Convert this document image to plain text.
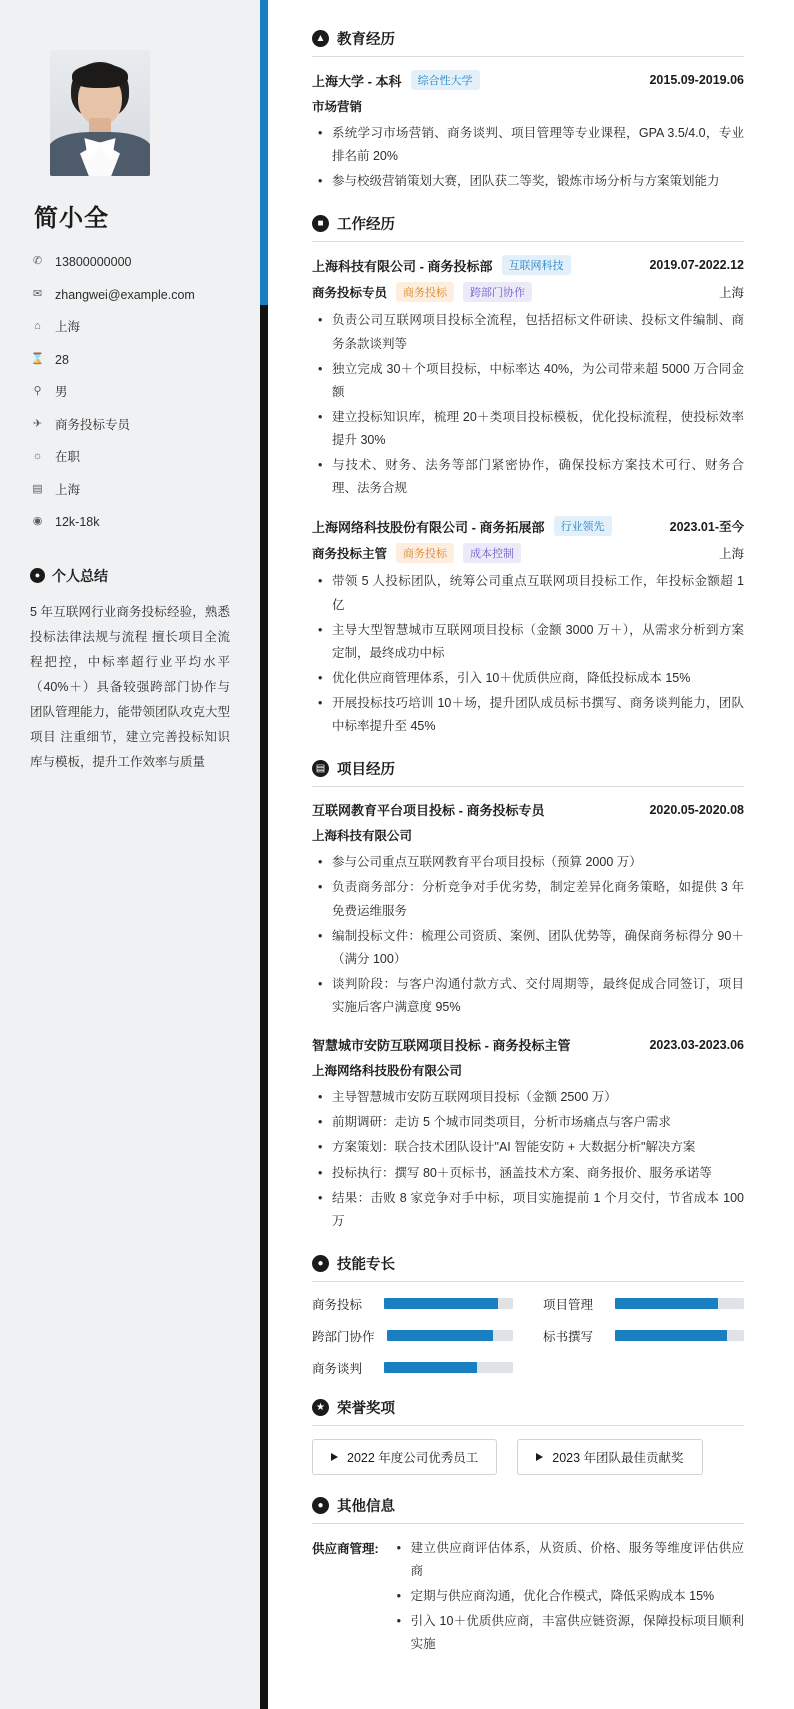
简小全
✆ 13800000000
✉ zhangwei@example.com
⌂	上海
⌛ 28
⚲ 男
✈ 商务投标专员
☼ 在职
▤ 上海
◉ 12k-18k
● 个人总结
5 年互联网行业商务投标经验，熟悉投标法律法规与流程 擅长项目全流程把控，中标率超行业平均水平（40%＋）具备较强跨部门协作与团队管理能力，能带领团队攻克大型项目 注重细节，建立完善投标知识库与模板，提升工作效率与质量
▲ 教育经历
上海大学 - 本科	综合性大学	2015.09-2019.06
市场营销
• 系统学习市场营销、商务谈判、项目管理等专业课程，GPA 3.5/4.0，专业排名前 20%
• 参与校级营销策划大赛，团队获二等奖，锻炼市场分析与方案策划能力
■ 工作经历
上海科技有限公司 - 商务投标部	互联网科技	2019.07-2022.12
商务投标专员	商务投标	跨部门协作	上海
• 负责公司互联网项目投标全流程，包括招标文件研读、投标文件编制、商务条款谈判等
• 独立完成 30＋个项目投标，中标率达 40%，为公司带来超 5000 万合同金额
• 建立投标知识库，梳理 20＋类项目投标模板，优化投标流程，使投标效率提升 30%
• 与技术、财务、法务等部门紧密协作，确保投标方案技术可行、财务合理、法务合规
上海网络科技股份有限公司 - 商务拓展部	行业领先	2023.01-至今
商务投标主管	商务投标	成本控制	上海
• 带领 5 人投标团队，统筹公司重点互联网项目投标工作，年投标金额超 1 亿
• 主导大型智慧城市互联网项目投标（金额 3000 万＋），从需求分析到方案定制，最终成功中标
• 优化供应商管理体系，引入 10＋优质供应商，降低投标成本 15%
• 开展投标技巧培训 10＋场，提升团队成员标书撰写、商务谈判能力，团队中标率提升至 45%
▤ 项目经历
互联网教育平台项目投标 - 商务投标专员	2020.05-2020.08
上海科技有限公司
• 参与公司重点互联网教育平台项目投标（预算 2000 万）
• 负责商务部分：分析竞争对手优劣势，制定差异化商务策略，如提供 3 年免费运维服务
• 编制投标文件：梳理公司资质、案例、团队优势等，确保商务标得分 90＋（满分 100）
• 谈判阶段：与客户沟通付款方式、交付周期等，最终促成合同签订，项目实施后客户满意度 95%
智慧城市安防互联网项目投标 - 商务投标主管	2023.03-2023.06
上海网络科技股份有限公司
• 主导智慧城市安防互联网项目投标（金额 2500 万）
• 前期调研：走访 5 个城市同类项目，分析市场痛点与客户需求
• 方案策划：联合技术团队设计"AI 智能安防 + 大数据分析"解决方案
• 投标执行：撰写 80＋页标书，涵盖技术方案、商务报价、服务承诺等
• 结果：击败 8 家竞争对手中标，项目实施提前 1 个月交付，节省成本 100 万
● 技能专长
商务投标	项目管理
跨部门协作	标书撰写
商务谈判
★ 荣誉奖项
2022 年度公司优秀员工	2023 年团队最佳贡献奖
● 其他信息
供应商管理:	• 建立供应商评估体系，从资质、价格、服务等维度评估供应商
• 定期与供应商沟通，优化合作模式，降低采购成本 15%
• 引入 10＋优质供应商，丰富供应链资源，保障投标项目顺利实施
